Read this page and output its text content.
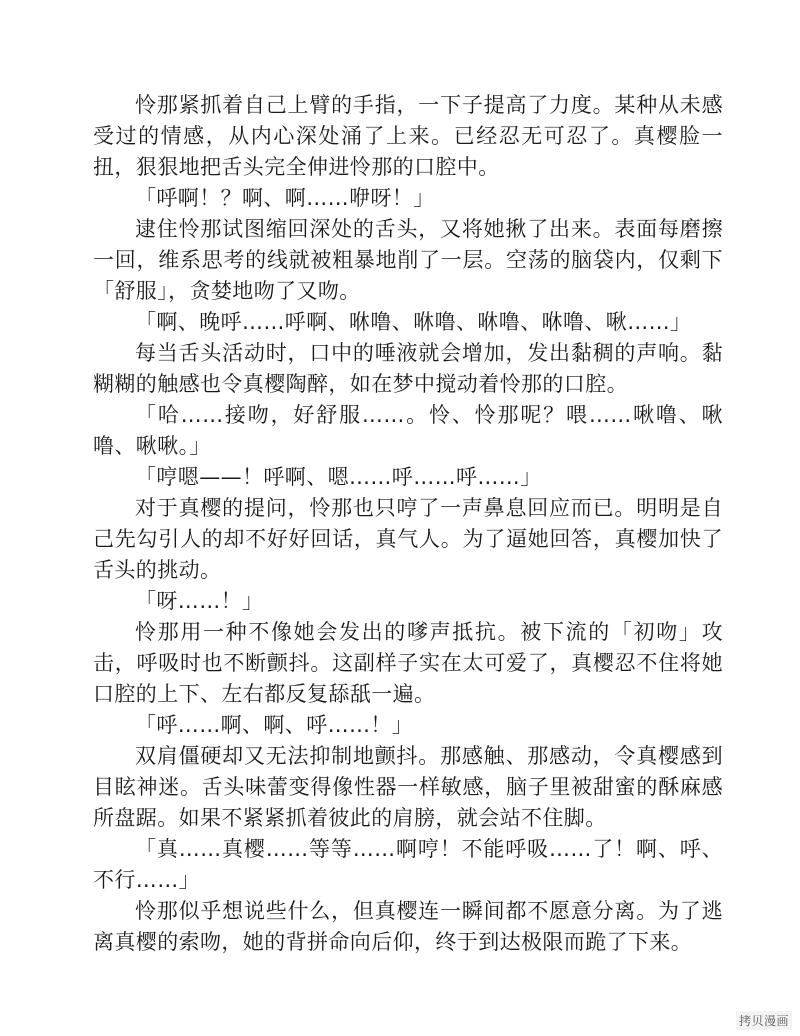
怜那紧抓着自己上臂的手指，一下子提高了力度。某种从未感受过的情感，从内心深处涌了上来。已经忍无可忍了。真樱脸一扭，狠狠地把舌头完全伸进怜那的口腔中。

「呼啊！？啊、啊……咿呀！」

逮住怜那试图缩回深处的舌头，又将她揪了出来。表面每磨擦一回，维系思考的线就被粗暴地削了一层。空荡的脑袋内，仅剩下「舒服」，贪婪地吻了又吻。

「啊、晚呼……呼啊、咻噜、咻噜、咻噜、咻噜、啾……」

每当舌头活动时，口中的唾液就会增加，发出黏稠的声响。黏糊糊的触感也令真樱陶醉，如在梦中搅动着怜那的口腔。

「哈……接吻，好舒服……。怜、怜那呢？喂……啾噜、啾噜、啾啾。」

「哼嗯——！呼啊、嗯……呼……呼……」

对于真樱的提问，怜那也只哼了一声鼻息回应而已。明明是自己先勾引人的却不好好回话，真气人。为了逼她回答，真樱加快了舌头的挑动。

「呀……！」

怜那用一种不像她会发出的嗲声抵抗。被下流的「初吻」攻击，呼吸时也不断颤抖。这副样子实在太可爱了，真樱忍不住将她口腔的上下、左右都反复舔舐一遍。

「呼……啊、啊、呼……！」

双肩僵硬却又无法抑制地颤抖。那感触、那感动，令真樱感到目眩神迷。舌头味蕾变得像性器一样敏感，脑子里被甜蜜的酥麻感所盘踞。如果不紧紧抓着彼此的肩膀，就会站不住脚。

「真……真樱……等等……啊哼！不能呼吸……了！啊、呼、不行……」

怜那似乎想说些什么，但真樱连一瞬间都不愿意分离。为了逃离真樱的索吻，她的背拼命向后仰，终于到达极限而跪了下来。

拷贝漫画
